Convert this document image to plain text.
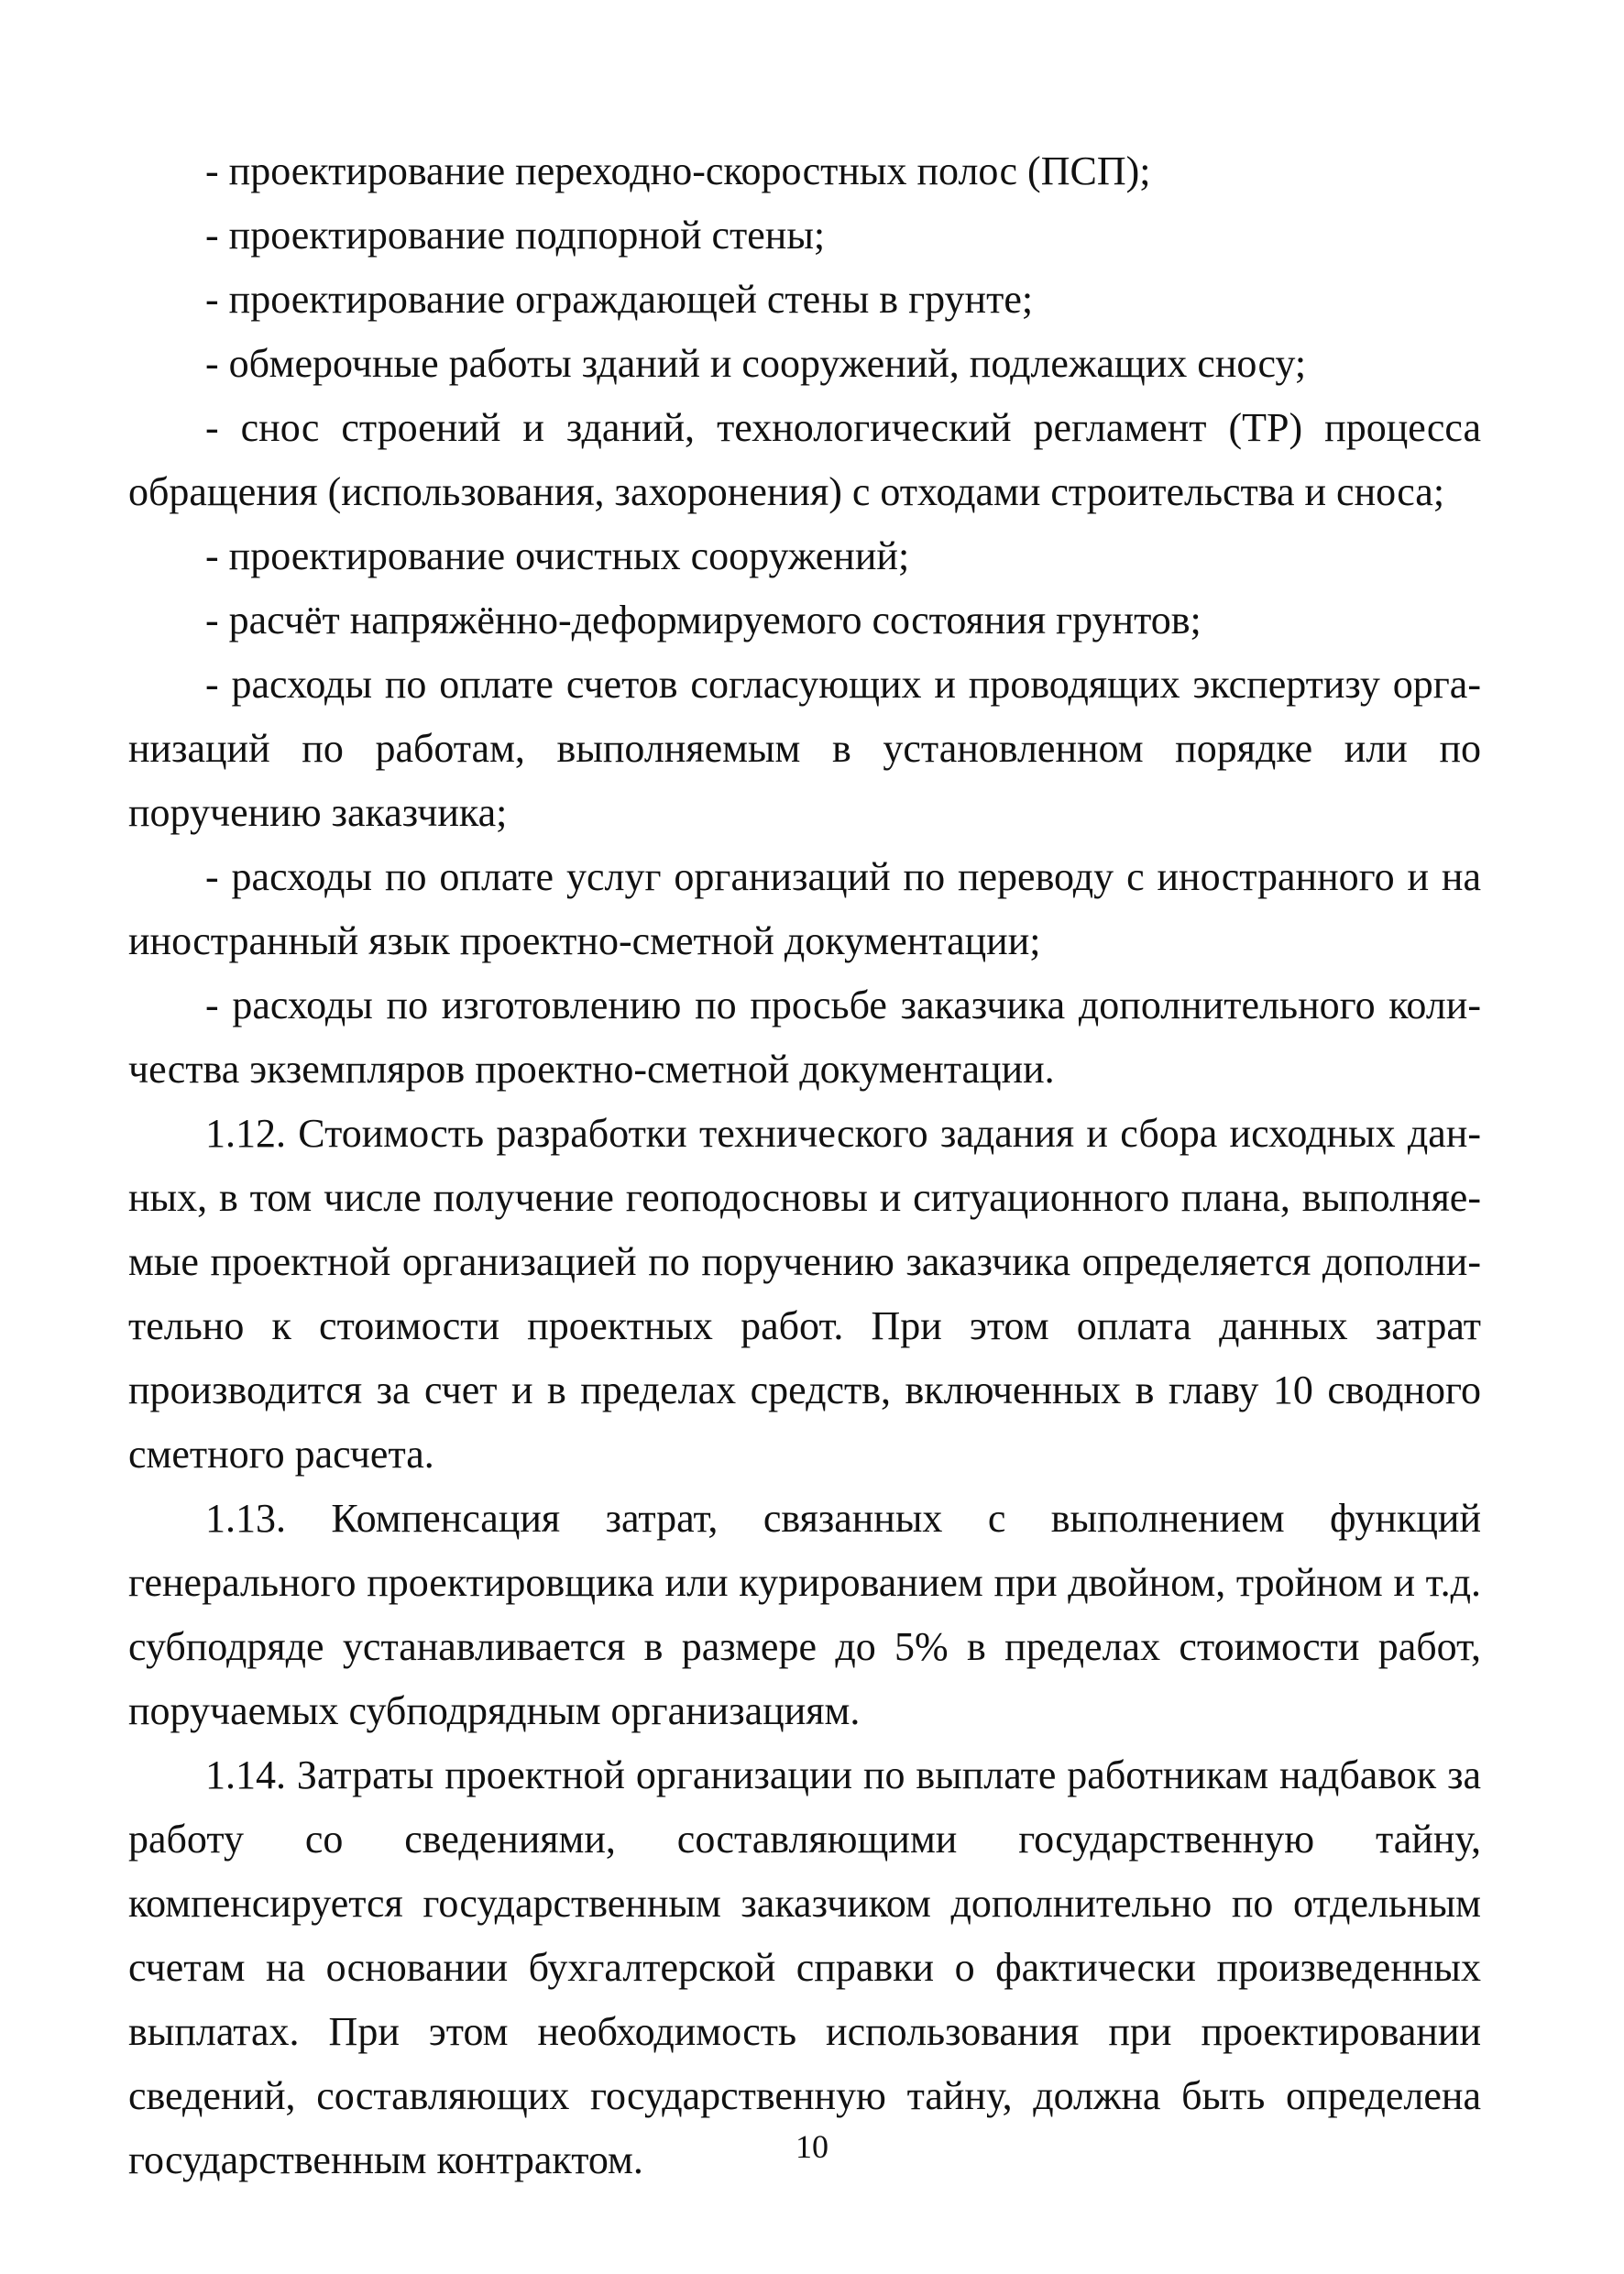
- проектирование переходно-скоростных полос (ПСП);

- проектирование подпорной стены;

- проектирование ограждающей стены в грунте;

- обмерочные работы зданий и сооружений, подлежащих сносу;

- снос строений и зданий, технологический регламент (ТР) процесса обращения (использования, захоронения) с отходами строительства и сноса;

- проектирование очистных сооружений;

- расчёт напряжённо-деформируемого состояния грунтов;

- расходы по оплате счетов согласующих и проводящих экспертизу организаций по работам, выполняемым в установленном порядке или по поручению заказчика;

- расходы по оплате услуг организаций по переводу с иностранного и на иностранный язык проектно-сметной документации;

- расходы по изготовлению по просьбе заказчика дополнительного количества экземпляров проектно-сметной документации.

1.12. Стоимость разработки технического задания и сбора исходных данных, в том числе получение геоподосновы и ситуационного плана, выполняемые проектной организацией по поручению заказчика определяется дополнительно к стоимости проектных работ. При этом оплата данных затрат производится за счет и в пределах средств, включенных в главу 10 сводного сметного расчета.

1.13. Компенсация затрат, связанных с выполнением функций генерального проектировщика или курированием при двойном, тройном и т.д. субподряде устанавливается в размере до 5% в пределах стоимости работ, поручаемых субподрядным организациям.

1.14. Затраты проектной организации по выплате работникам надбавок за работу со сведениями, составляющими государственную тайну, компенсируется государственным заказчиком дополнительно по отдельным счетам на основании бухгалтерской справки о фактически произведенных выплатах. При этом необходимость использования при проектировании сведений, составляющих государственную тайну, должна быть определена государственным контрактом.	10
